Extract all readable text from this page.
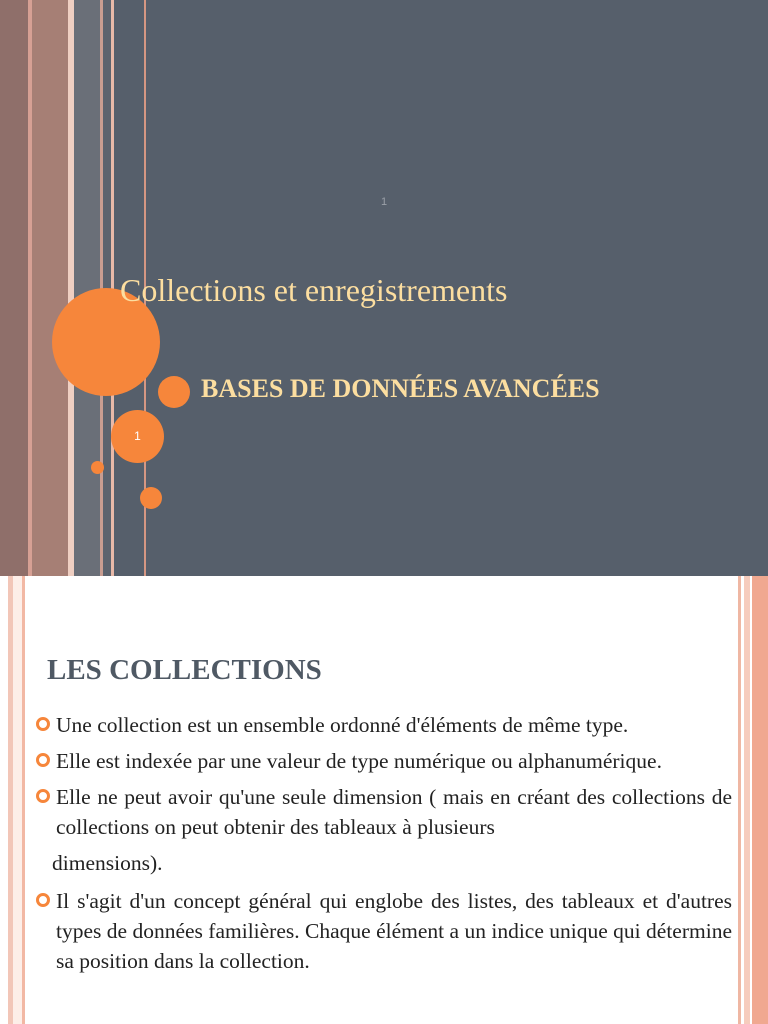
1
1
Collections et enregistrements
BASES DE DONNÉES AVANCÉES
LES COLLECTIONS
Une collection est un ensemble ordonné d'éléments de même type.
Elle est indexée par une valeur de type numérique ou alphanumérique.
Elle ne peut avoir qu'une seule dimension ( mais en créant des collections de collections on peut obtenir des tableaux à plusieurs
dimensions).
Il s'agit d'un concept général qui englobe des listes, des tableaux et d'autres types de données familières. Chaque élément a un indice unique qui détermine sa position dans la collection.
